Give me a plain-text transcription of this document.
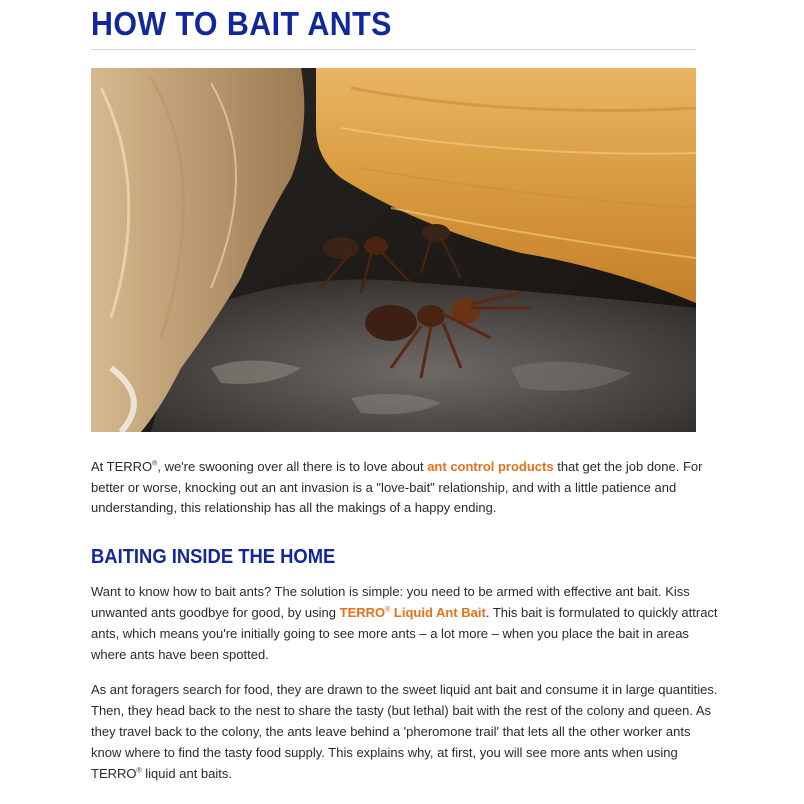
HOW TO BAIT ANTS

At TERRO®, we're swooning over all there is to love about ant control products that get the job done. For better or worse, knocking out an ant invasion is a "love-bait" relationship, and with a little patience and understanding, this relationship has all the makings of a happy ending.

BAITING INSIDE THE HOME

Want to know how to bait ants? The solution is simple: you need to be armed with effective ant bait. Kiss unwanted ants goodbye for good, by using TERRO® Liquid Ant Bait. This bait is formulated to quickly attract ants, which means you're initially going to see more ants – a lot more – when you place the bait in areas where ants have been spotted.

As ant foragers search for food, they are drawn to the sweet liquid ant bait and consume it in large quantities. Then, they head back to the nest to share the tasty (but lethal) bait with the rest of the colony and queen. As they travel back to the colony, the ants leave behind a 'pheromone trail' that lets all the other worker ants know where to find the tasty food supply. This explains why, at first, you will see more ants when using TERRO® liquid ant baits.
